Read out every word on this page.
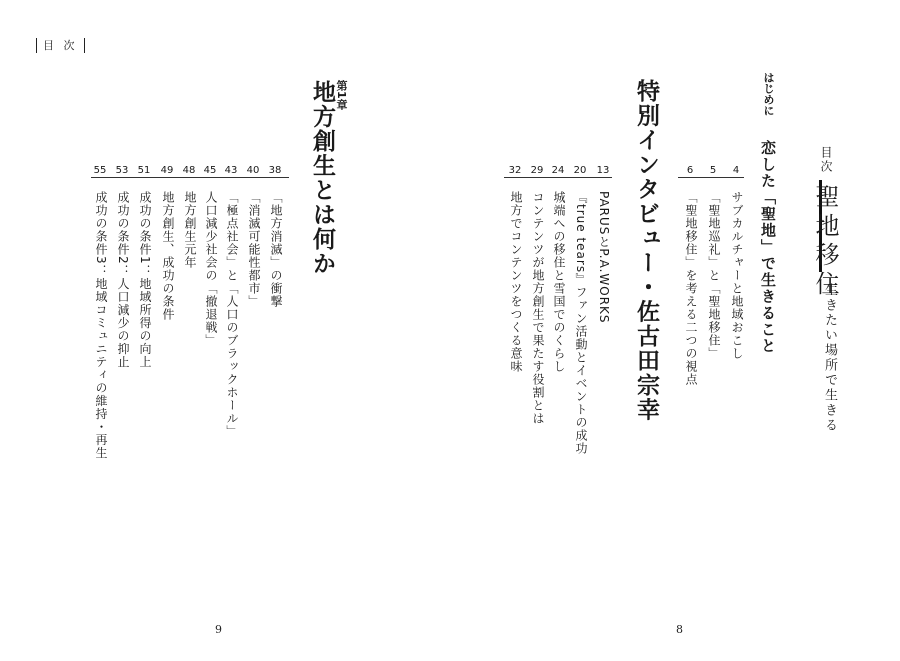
目 次
目次
聖地移住
生きたい場所で生きる
はじめに
恋した「聖地」で生きること
4
サブカルチャーと地域おこし
5
「聖地巡礼」と「聖地移住」
6
「聖地移住」を考える二つの視点
特別インタビュー・佐古田宗幸
13
PARUSとP.A.WORKS
20
『true tears』ファン活動とイベントの成功
24
城端への移住と雪国でのくらし
29
コンテンツが地方創生で果たす役割とは
32
地方でコンテンツをつくる意味
第1章
地方創生とは何か
38
「地方消滅」の衝撃
40
「消滅可能性都市」
43
「極点社会」と「人口のブラックホール」
45
人口減少社会の「撤退戦」
48
地方創生元年
49
地方創生、成功の条件
51
成功の条件1：地域所得の向上
53
成功の条件2：人口減少の抑止
55
成功の条件3：地域コミュニティの維持・再生
9	8
